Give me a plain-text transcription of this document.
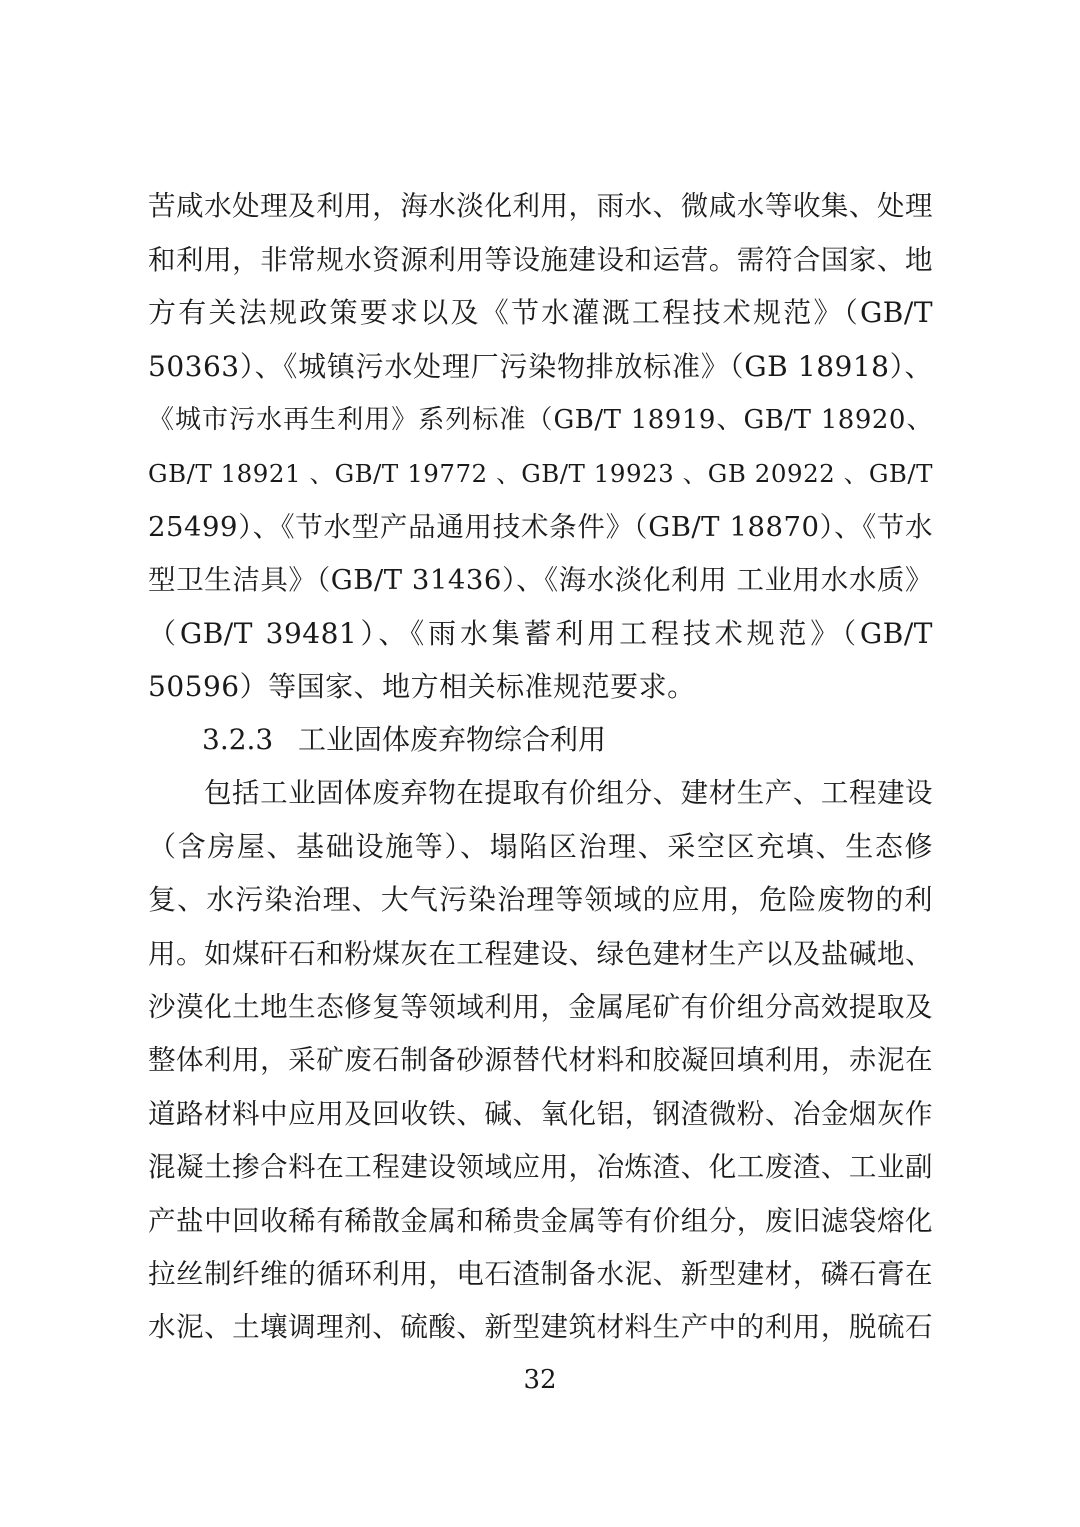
苦咸水处理及利用，海水淡化利用，雨水、微咸水等收集、处理
和利用，非常规水资源利用等设施建设和运营。需符合国家、地
方有关法规政策要求以及《节水灌溉工程技术规范》（GB/T
50363）、《城镇污水处理厂污染物排放标准》（GB 18918）、
《城市污水再生利用》系列标准（GB/T 18919、GB/T 18920、
GB/T 18921 、GB/T 19772 、GB/T 19923 、GB 20922 、GB/T
25499）、《节水型产品通用技术条件》（GB/T 18870）、《节水
型卫生洁具》（GB/T 31436）、《海水淡化利用 工业用水水质》
（GB/T 39481）、《雨水集蓄利用工程技术规范》（GB/T
50596）等国家、地方相关标准规范要求。
3.2.3 工业固体废弃物综合利用
包括工业固体废弃物在提取有价组分、建材生产、工程建设
（含房屋、基础设施等）、塌陷区治理、采空区充填、生态修
复、水污染治理、大气污染治理等领域的应用，危险废物的利
用。如煤矸石和粉煤灰在工程建设、绿色建材生产以及盐碱地、
沙漠化土地生态修复等领域利用，金属尾矿有价组分高效提取及
整体利用，采矿废石制备砂源替代材料和胶凝回填利用，赤泥在
道路材料中应用及回收铁、碱、氧化铝，钢渣微粉、冶金烟灰作
混凝土掺合料在工程建设领域应用，冶炼渣、化工废渣、工业副
产盐中回收稀有稀散金属和稀贵金属等有价组分，废旧滤袋熔化
拉丝制纤维的循环利用，电石渣制备水泥、新型建材，磷石膏在
水泥、土壤调理剂、硫酸、新型建筑材料生产中的利用，脱硫石
32
